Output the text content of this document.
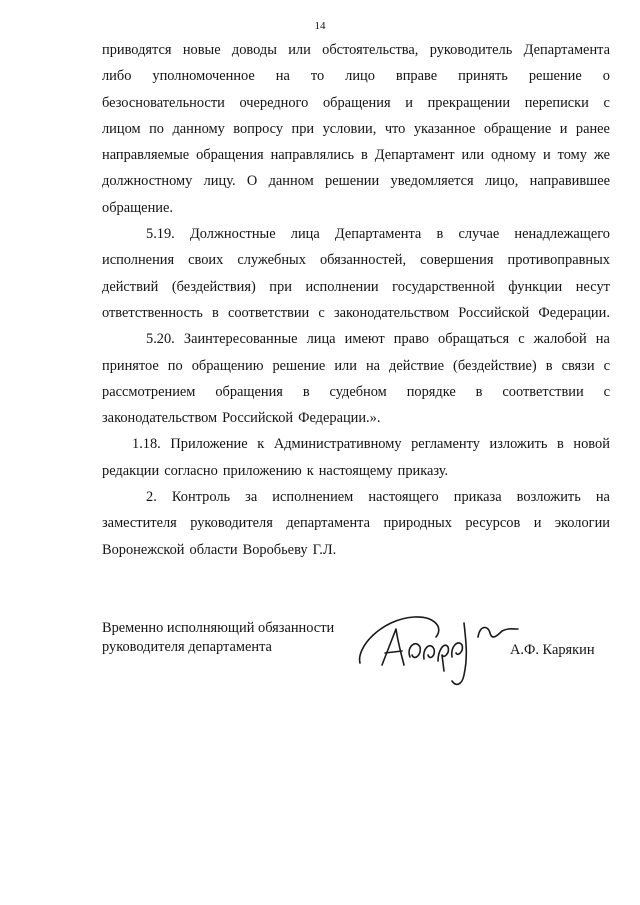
14
приводятся новые доводы или обстоятельства, руководитель Департамента
либо уполномоченное на то лицо вправе принять решение о
безосновательности очередного обращения и прекращении переписки с
лицом по данному вопросу при условии, что указанное обращение и ранее
направляемые обращения направлялись в Департамент или одному и тому же
должностному лицу. О данном решении уведомляется лицо, направившее
обращение.
5.19. Должностные лица Департамента в случае ненадлежащего
исполнения своих служебных обязанностей, совершения противоправных
действий (бездействия) при исполнении государственной функции несут
ответственность в соответствии с законодательством Российской Федерации.
5.20. Заинтересованные лица имеют право обращаться с жалобой на
принятое по обращению решение или на действие (бездействие) в связи с
рассмотрением обращения в судебном порядке в соответствии с
законодательством Российской Федерации.».
1.18. Приложение к Административному регламенту изложить в новой
редакции согласно приложению к настоящему приказу.
2. Контроль за исполнением настоящего приказа возложить на
заместителя руководителя департамента природных ресурсов и экологии
Воронежской области Воробьеву Г.Л.
Временно исполняющий обязанности
руководителя департамента	А.Ф. Карякин
